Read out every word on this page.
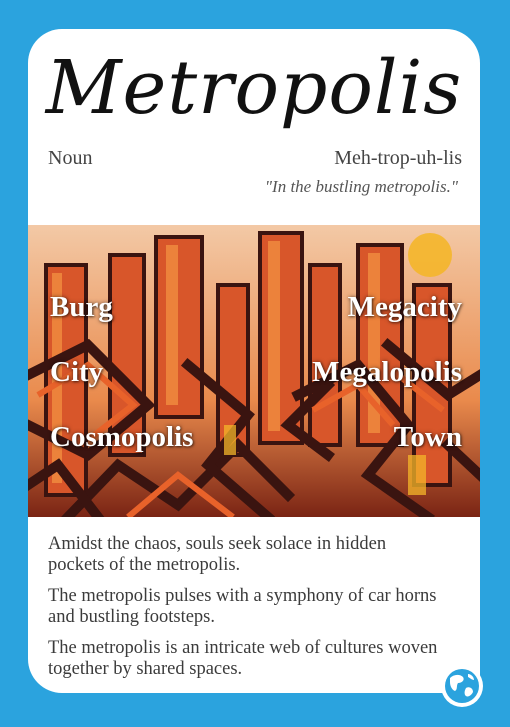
Metropolis
Noun	Meh-trop-uh-lis
"In the bustling metropolis."
Burg
City
Cosmopolis
Megacity
Megalopolis
Town

Amidst the chaos, souls seek solace in hidden pockets of the metropolis.

The metropolis pulses with a symphony of car horns and bustling footsteps.

The metropolis is an intricate web of cultures woven together by shared spaces.
